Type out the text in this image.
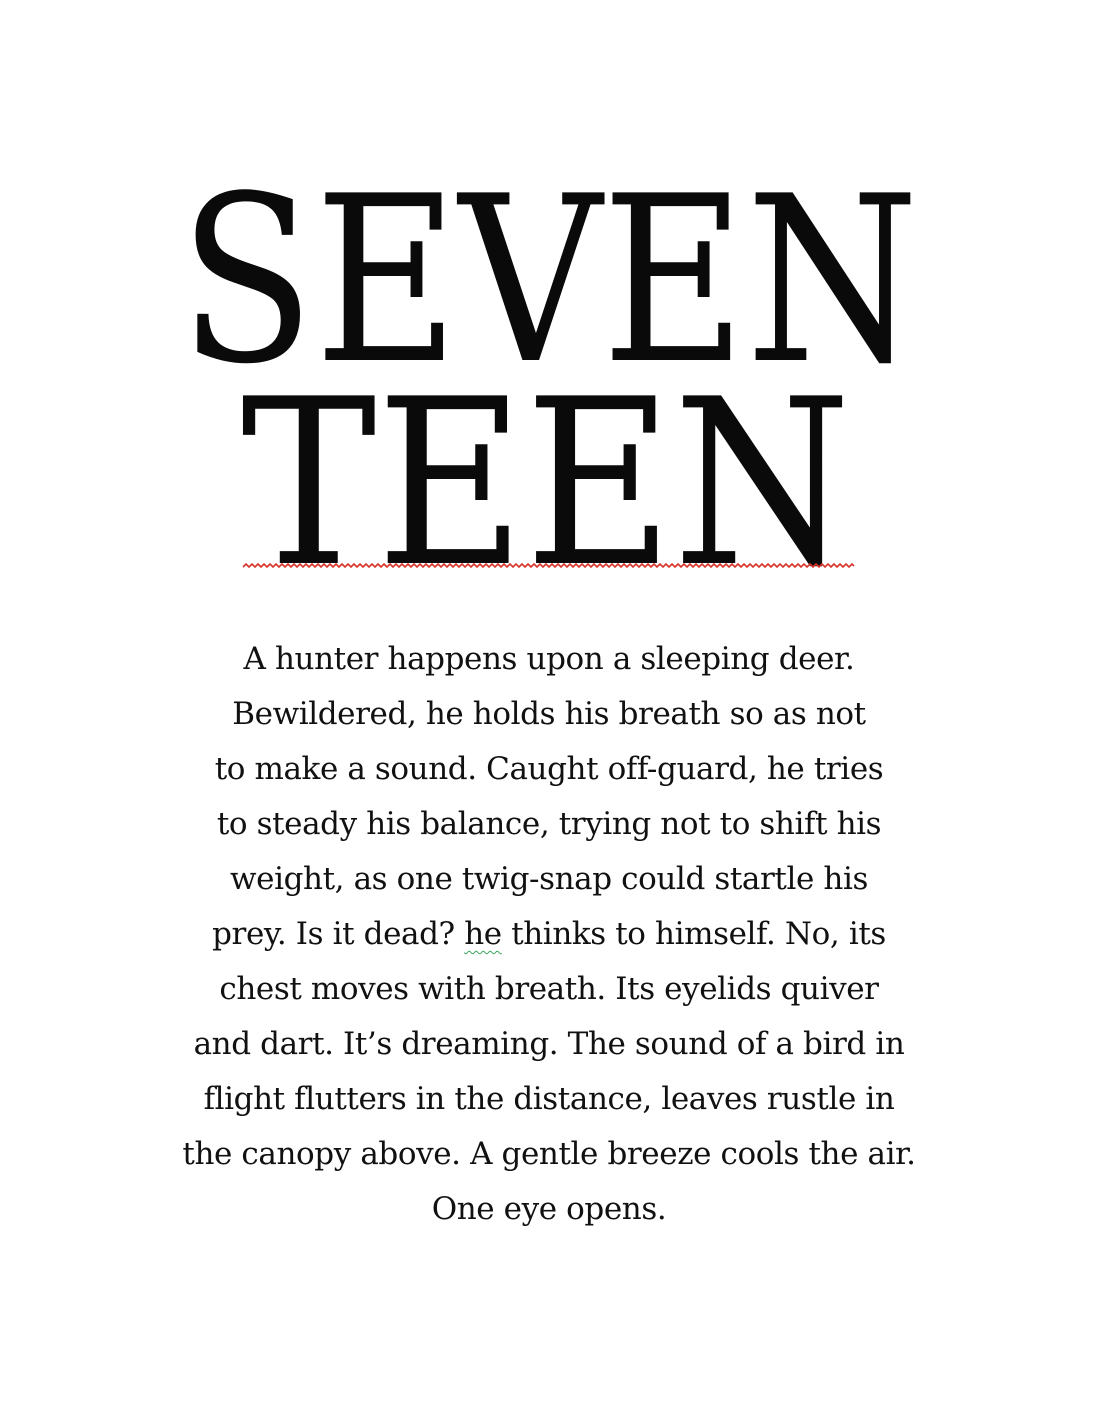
SEVEN
TEEN
A hunter happens upon a sleeping deer.
Bewildered, he holds his breath so as not
to make a sound. Caught off-guard, he tries
to steady his balance, trying not to shift his
weight, as one twig-snap could startle his
prey. Is it dead? he thinks to himself. No, its
chest moves with breath. Its eyelids quiver
and dart. It’s dreaming. The sound of a bird in
flight flutters in the distance, leaves rustle in
the canopy above. A gentle breeze cools the air.
One eye opens.
